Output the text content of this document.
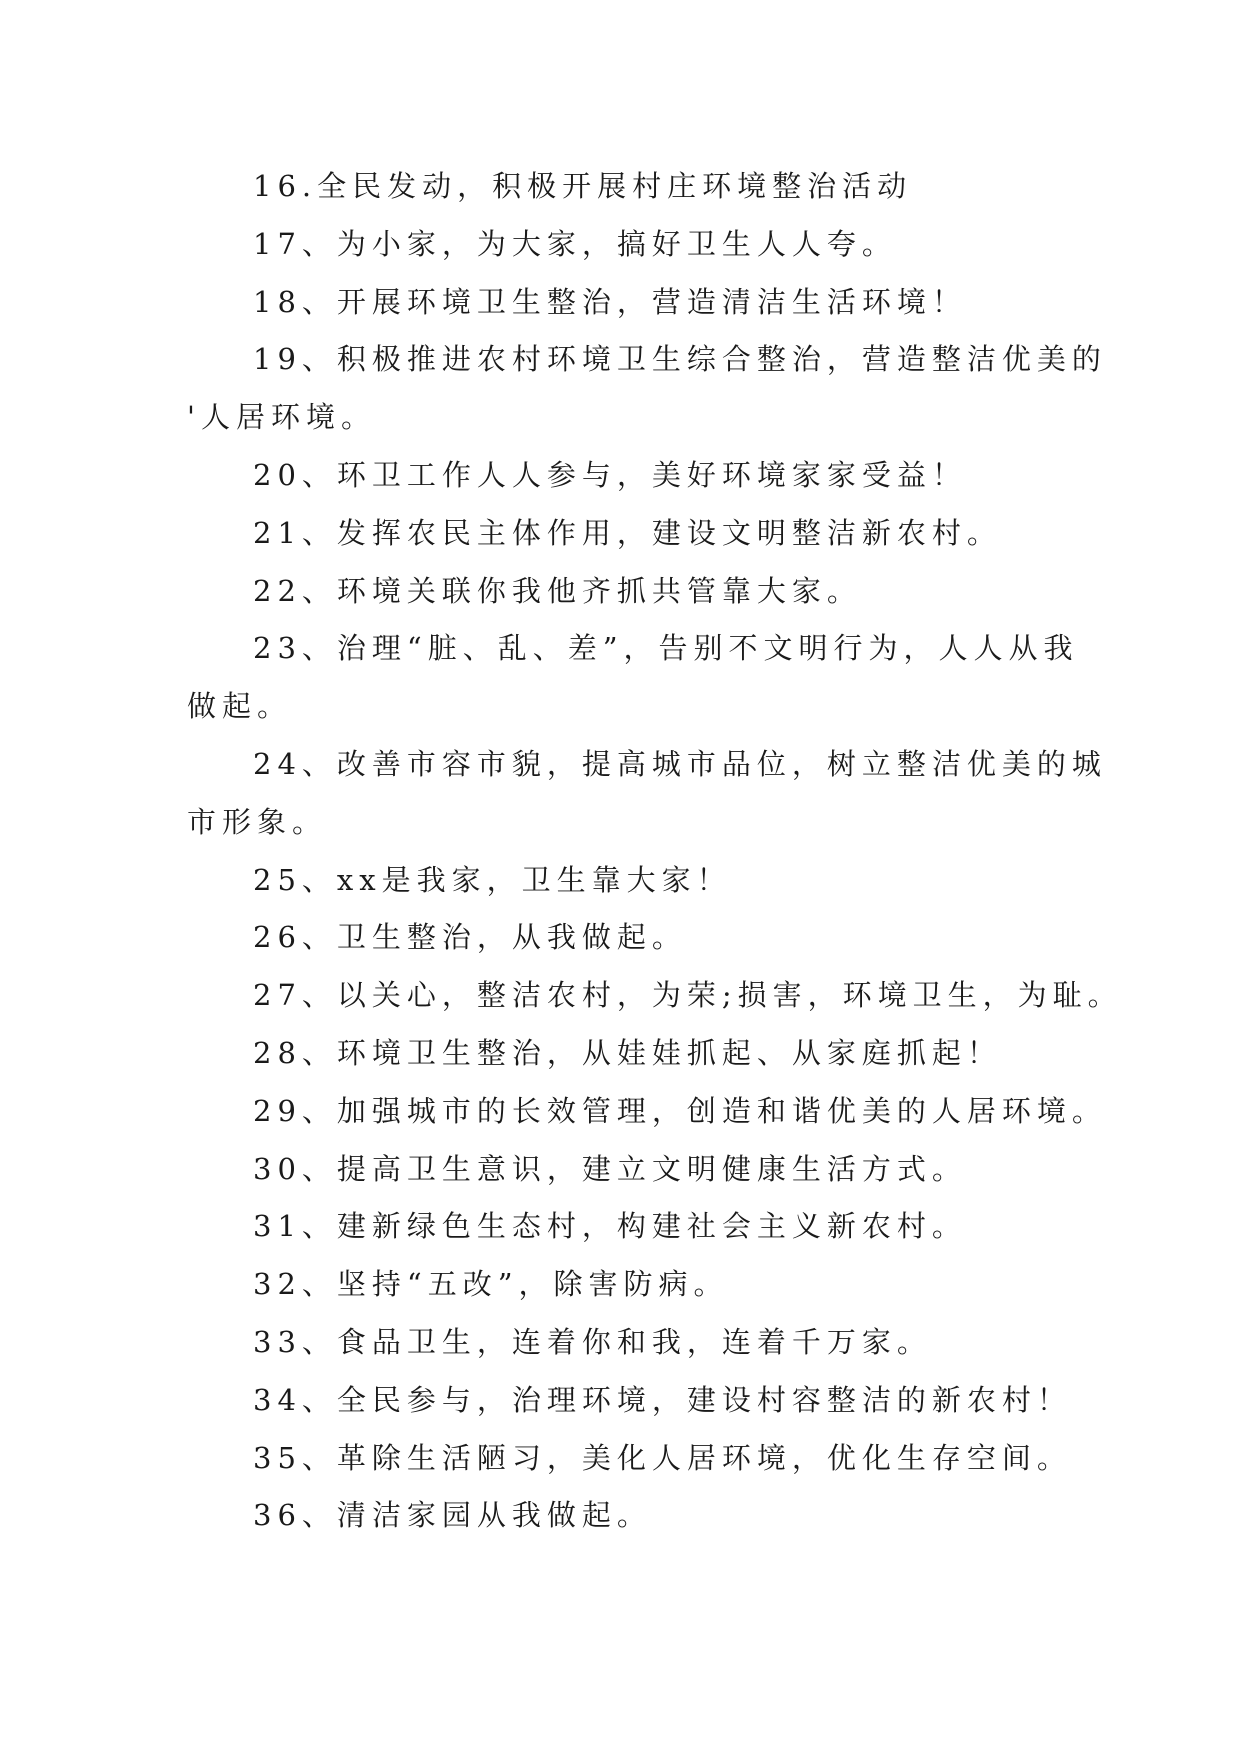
16.全民发动，积极开展村庄环境整治活动

17、为小家，为大家，搞好卫生人人夸。

18、开展环境卫生整治，营造清洁生活环境！

19、积极推进农村环境卫生综合整治，营造整洁优美的

'人居环境。

20、环卫工作人人参与，美好环境家家受益！

21、发挥农民主体作用，建设文明整洁新农村。

22、环境关联你我他齐抓共管靠大家。

23、治理“脏、乱、差”，告别不文明行为，人人从我

做起。

24、改善市容市貌，提高城市品位，树立整洁优美的城

市形象。

25、xx是我家，卫生靠大家！

26、卫生整治，从我做起。

27、以关心，整洁农村，为荣;损害，环境卫生，为耻。

28、环境卫生整治，从娃娃抓起、从家庭抓起！

29、加强城市的长效管理，创造和谐优美的人居环境。

30、提高卫生意识，建立文明健康生活方式。

31、建新绿色生态村，构建社会主义新农村。

32、坚持“五改”，除害防病。

33、食品卫生，连着你和我，连着千万家。

34、全民参与，治理环境，建设村容整洁的新农村！

35、革除生活陋习，美化人居环境，优化生存空间。

36、清洁家园从我做起。
